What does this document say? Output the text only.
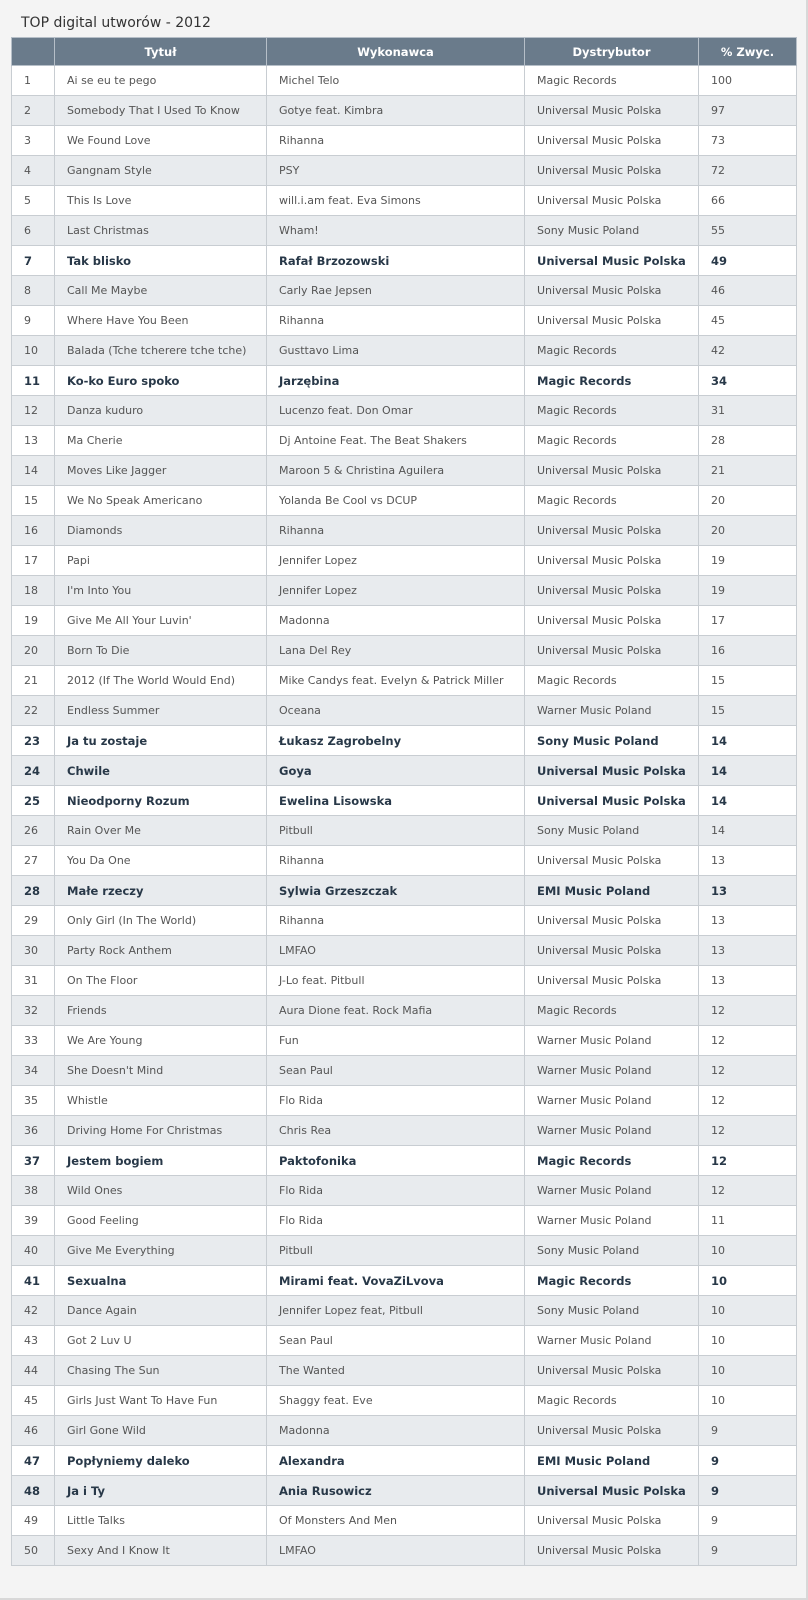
TOP digital utworów - 2012
	Tytuł	Wykonawca	Dystrybutor	% Zwyc.
1	Ai se eu te pego	Michel Telo	Magic Records	100
2	Somebody That I Used To Know	Gotye feat. Kimbra	Universal Music Polska	97
3	We Found Love	Rihanna	Universal Music Polska	73
4	Gangnam Style	PSY	Universal Music Polska	72
5	This Is Love	will.i.am feat. Eva Simons	Universal Music Polska	66
6	Last Christmas	Wham!	Sony Music Poland	55
7	Tak blisko	Rafał Brzozowski	Universal Music Polska	49
8	Call Me Maybe	Carly Rae Jepsen	Universal Music Polska	46
9	Where Have You Been	Rihanna	Universal Music Polska	45
10	Balada (Tche tcherere tche tche)	Gusttavo Lima	Magic Records	42
11	Ko-ko Euro spoko	Jarzębina	Magic Records	34
12	Danza kuduro	Lucenzo feat. Don Omar	Magic Records	31
13	Ma Cherie	Dj Antoine Feat. The Beat Shakers	Magic Records	28
14	Moves Like Jagger	Maroon 5 & Christina Aguilera	Universal Music Polska	21
15	We No Speak Americano	Yolanda Be Cool vs DCUP	Magic Records	20
16	Diamonds	Rihanna	Universal Music Polska	20
17	Papi	Jennifer Lopez	Universal Music Polska	19
18	I'm Into You	Jennifer Lopez	Universal Music Polska	19
19	Give Me All Your Luvin'	Madonna	Universal Music Polska	17
20	Born To Die	Lana Del Rey	Universal Music Polska	16
21	2012 (If The World Would End)	Mike Candys feat. Evelyn & Patrick Miller	Magic Records	15
22	Endless Summer	Oceana	Warner Music Poland	15
23	Ja tu zostaje	Łukasz Zagrobelny	Sony Music Poland	14
24	Chwile	Goya	Universal Music Polska	14
25	Nieodporny Rozum	Ewelina Lisowska	Universal Music Polska	14
26	Rain Over Me	Pitbull	Sony Music Poland	14
27	You Da One	Rihanna	Universal Music Polska	13
28	Małe rzeczy	Sylwia Grzeszczak	EMI Music Poland	13
29	Only Girl (In The World)	Rihanna	Universal Music Polska	13
30	Party Rock Anthem	LMFAO	Universal Music Polska	13
31	On The Floor	J-Lo feat. Pitbull	Universal Music Polska	13
32	Friends	Aura Dione feat. Rock Mafia	Magic Records	12
33	We Are Young	Fun	Warner Music Poland	12
34	She Doesn't Mind	Sean Paul	Warner Music Poland	12
35	Whistle	Flo Rida	Warner Music Poland	12
36	Driving Home For Christmas	Chris Rea	Warner Music Poland	12
37	Jestem bogiem	Paktofonika	Magic Records	12
38	Wild Ones	Flo Rida	Warner Music Poland	12
39	Good Feeling	Flo Rida	Warner Music Poland	11
40	Give Me Everything	Pitbull	Sony Music Poland	10
41	Sexualna	Mirami feat. VovaZiLvova	Magic Records	10
42	Dance Again	Jennifer Lopez feat, Pitbull	Sony Music Poland	10
43	Got 2 Luv U	Sean Paul	Warner Music Poland	10
44	Chasing The Sun	The Wanted	Universal Music Polska	10
45	Girls Just Want To Have Fun	Shaggy feat. Eve	Magic Records	10
46	Girl Gone Wild	Madonna	Universal Music Polska	9
47	Popłyniemy daleko	Alexandra	EMI Music Poland	9
48	Ja i Ty	Ania Rusowicz	Universal Music Polska	9
49	Little Talks	Of Monsters And Men	Universal Music Polska	9
50	Sexy And I Know It	LMFAO	Universal Music Polska	9
